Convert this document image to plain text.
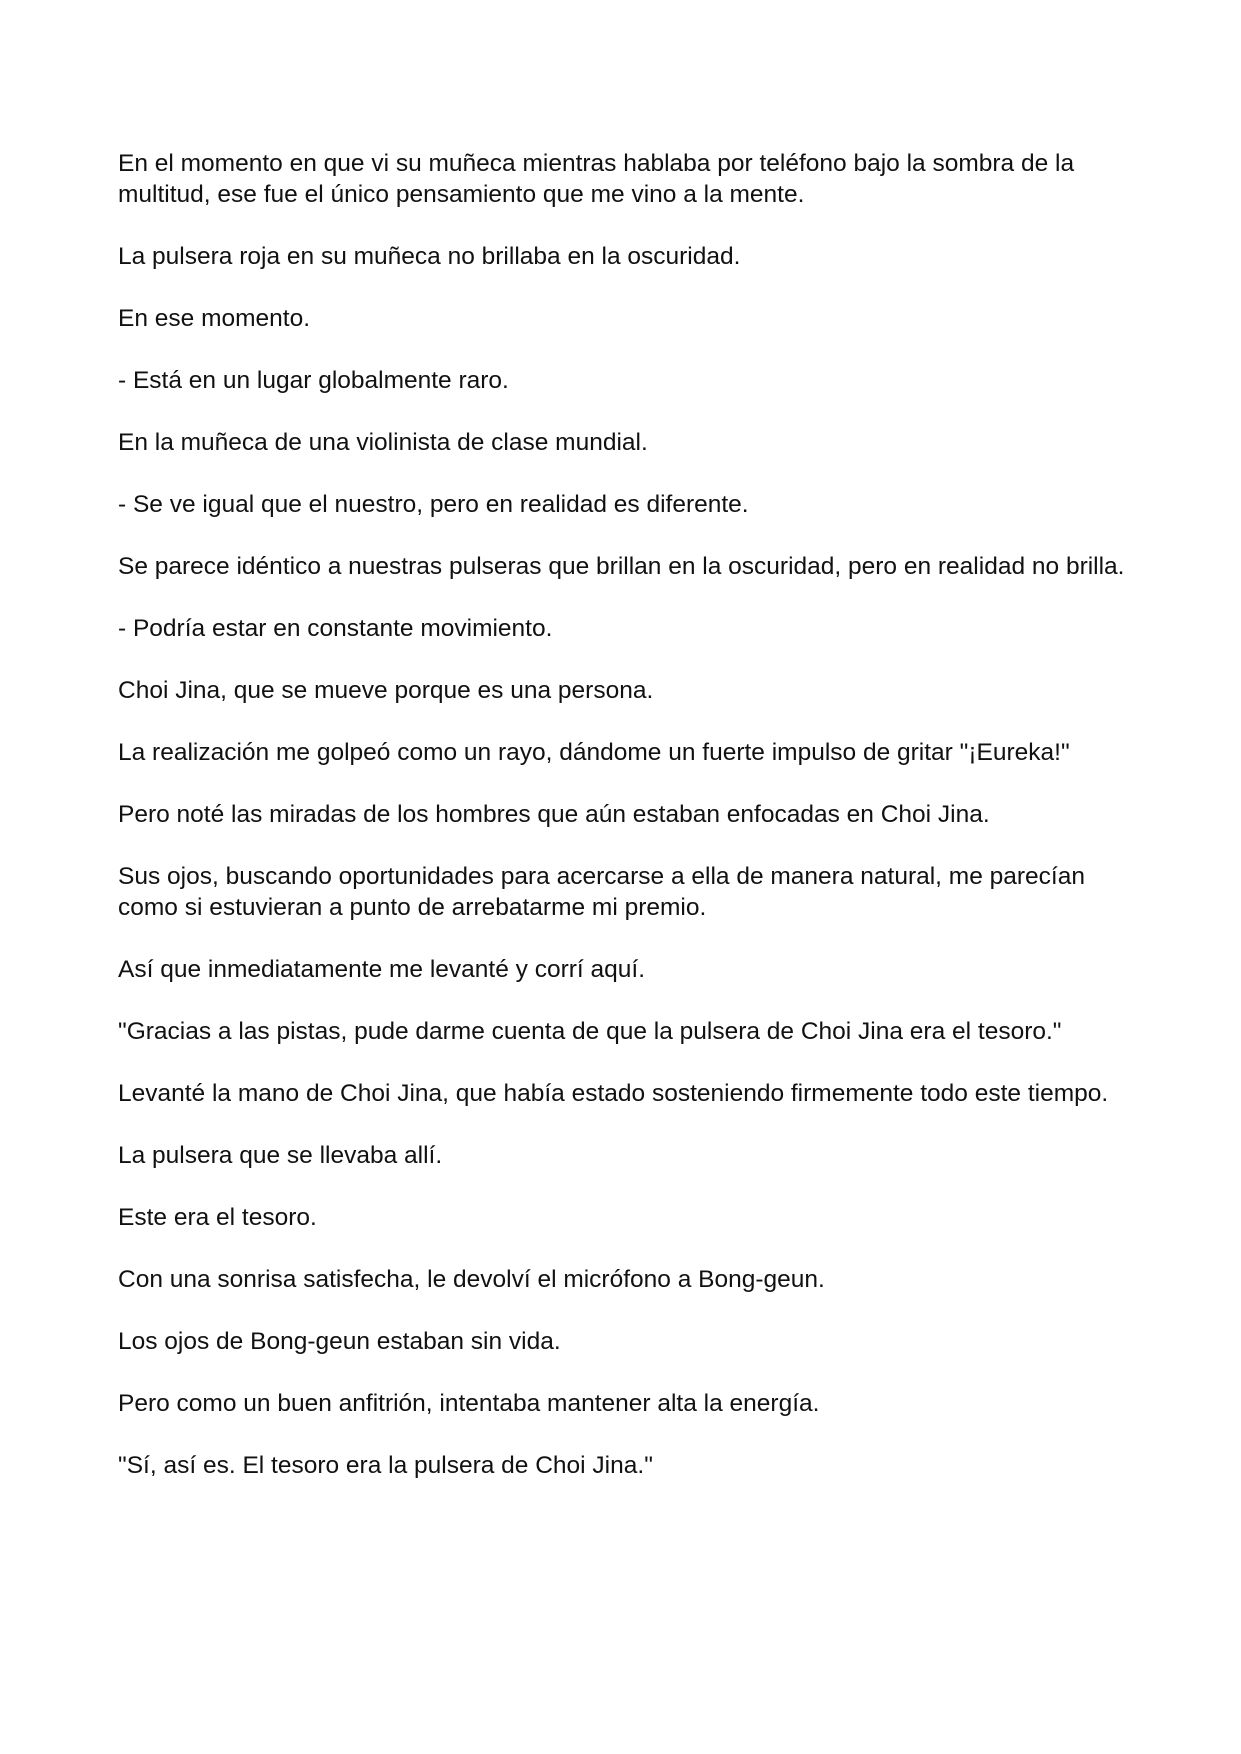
En el momento en que vi su muñeca mientras hablaba por teléfono bajo la sombra de la multitud, ese fue el único pensamiento que me vino a la mente.

La pulsera roja en su muñeca no brillaba en la oscuridad.

En ese momento.

- Está en un lugar globalmente raro.

En la muñeca de una violinista de clase mundial.

- Se ve igual que el nuestro, pero en realidad es diferente.

Se parece idéntico a nuestras pulseras que brillan en la oscuridad, pero en realidad no brilla.

- Podría estar en constante movimiento.

Choi Jina, que se mueve porque es una persona.

La realización me golpeó como un rayo, dándome un fuerte impulso de gritar "¡Eureka!"

Pero noté las miradas de los hombres que aún estaban enfocadas en Choi Jina.

Sus ojos, buscando oportunidades para acercarse a ella de manera natural, me parecían como si estuvieran a punto de arrebatarme mi premio.

Así que inmediatamente me levanté y corrí aquí.

"Gracias a las pistas, pude darme cuenta de que la pulsera de Choi Jina era el tesoro."

Levanté la mano de Choi Jina, que había estado sosteniendo firmemente todo este tiempo.

La pulsera que se llevaba allí.

Este era el tesoro.

Con una sonrisa satisfecha, le devolví el micrófono a Bong-geun.

Los ojos de Bong-geun estaban sin vida.

Pero como un buen anfitrión, intentaba mantener alta la energía.

"Sí, así es. El tesoro era la pulsera de Choi Jina."
